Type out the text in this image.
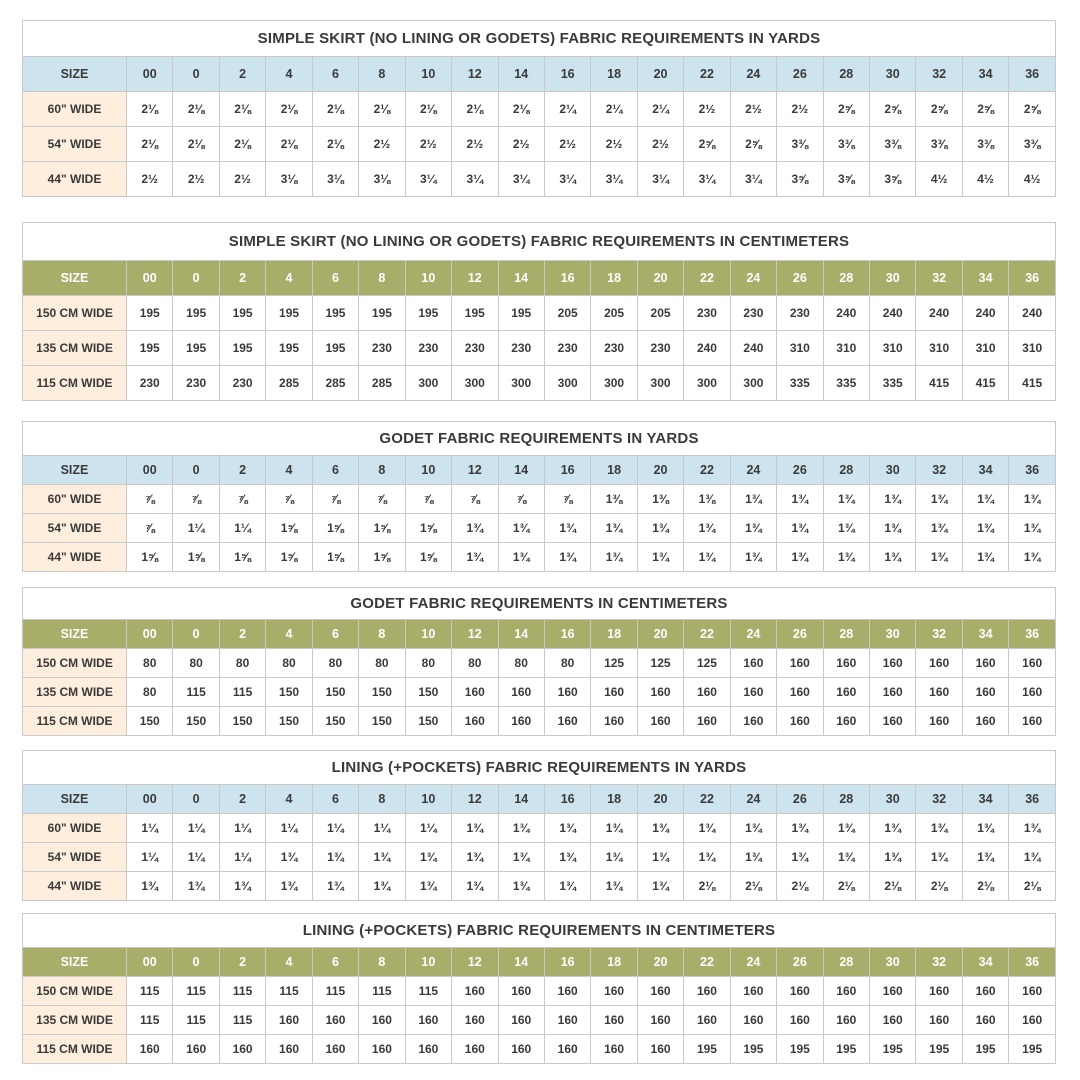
SIMPLE SKIRT (NO LINING OR GODETS) FABRIC REQUIREMENTS IN YARDS
SIZE	00	0	2	4	6	8	10	12	14	16	18	20	22	24	26	28	30	32	34	36
60" WIDE	2⅛	2⅛	2⅛	2⅛	2⅛	2⅛	2⅛	2⅛	2⅛	2¼	2¼	2¼	2½	2½	2½	2⅝	2⅝	2⅝	2⅝	2⅝
54" WIDE	2⅛	2⅛	2⅛	2⅛	2⅛	2½	2½	2½	2½	2½	2½	2½	2⅝	2⅝	3⅜	3⅜	3⅜	3⅜	3⅜	3⅜
44" WIDE	2½	2½	2½	3⅛	3⅛	3⅛	3¼	3¼	3¼	3¼	3¼	3¼	3¼	3¼	3⅝	3⅝	3⅝	4½	4½	4½
SIMPLE SKIRT (NO LINING OR GODETS) FABRIC REQUIREMENTS IN CENTIMETERS
SIZE	00	0	2	4	6	8	10	12	14	16	18	20	22	24	26	28	30	32	34	36
150 CM WIDE	195	195	195	195	195	195	195	195	195	205	205	205	230	230	230	240	240	240	240	240
135 CM WIDE	195	195	195	195	195	230	230	230	230	230	230	230	240	240	310	310	310	310	310	310
115 CM WIDE	230	230	230	285	285	285	300	300	300	300	300	300	300	300	335	335	335	415	415	415
GODET FABRIC REQUIREMENTS IN YARDS
SIZE	00	0	2	4	6	8	10	12	14	16	18	20	22	24	26	28	30	32	34	36
60" WIDE	⅞	⅞	⅞	⅞	⅞	⅞	⅞	⅞	⅞	⅞	1⅜	1⅜	1⅜	1¾	1¾	1¾	1¾	1¾	1¾	1¾
54" WIDE	⅞	1¼	1¼	1⅝	1⅝	1⅝	1⅝	1¾	1¾	1¾	1¾	1¾	1¾	1¾	1¾	1¾	1¾	1¾	1¾	1¾
44" WIDE	1⅝	1⅝	1⅝	1⅝	1⅝	1⅝	1⅝	1¾	1¾	1¾	1¾	1¾	1¾	1¾	1¾	1¾	1¾	1¾	1¾	1¾
GODET FABRIC REQUIREMENTS IN CENTIMETERS
SIZE	00	0	2	4	6	8	10	12	14	16	18	20	22	24	26	28	30	32	34	36
150 CM WIDE	80	80	80	80	80	80	80	80	80	80	125	125	125	160	160	160	160	160	160	160
135 CM WIDE	80	115	115	150	150	150	150	160	160	160	160	160	160	160	160	160	160	160	160	160
115 CM WIDE	150	150	150	150	150	150	150	160	160	160	160	160	160	160	160	160	160	160	160	160
LINING (+POCKETS) FABRIC REQUIREMENTS IN YARDS
SIZE	00	0	2	4	6	8	10	12	14	16	18	20	22	24	26	28	30	32	34	36
60" WIDE	1¼	1¼	1¼	1¼	1¼	1¼	1¼	1¾	1¾	1¾	1¾	1¾	1¾	1¾	1¾	1¾	1¾	1¾	1¾	1¾
54" WIDE	1¼	1¼	1¼	1¾	1¾	1¾	1¾	1¾	1¾	1¾	1¾	1¾	1¾	1¾	1¾	1¾	1¾	1¾	1¾	1¾
44" WIDE	1¾	1¾	1¾	1¾	1¾	1¾	1¾	1¾	1¾	1¾	1¾	1¾	2⅛	2⅛	2⅛	2⅛	2⅛	2⅛	2⅛	2⅛
LINING (+POCKETS) FABRIC REQUIREMENTS IN CENTIMETERS
SIZE	00	0	2	4	6	8	10	12	14	16	18	20	22	24	26	28	30	32	34	36
150 CM WIDE	115	115	115	115	115	115	115	160	160	160	160	160	160	160	160	160	160	160	160	160
135 CM WIDE	115	115	115	160	160	160	160	160	160	160	160	160	160	160	160	160	160	160	160	160
115 CM WIDE	160	160	160	160	160	160	160	160	160	160	160	160	195	195	195	195	195	195	195	195
